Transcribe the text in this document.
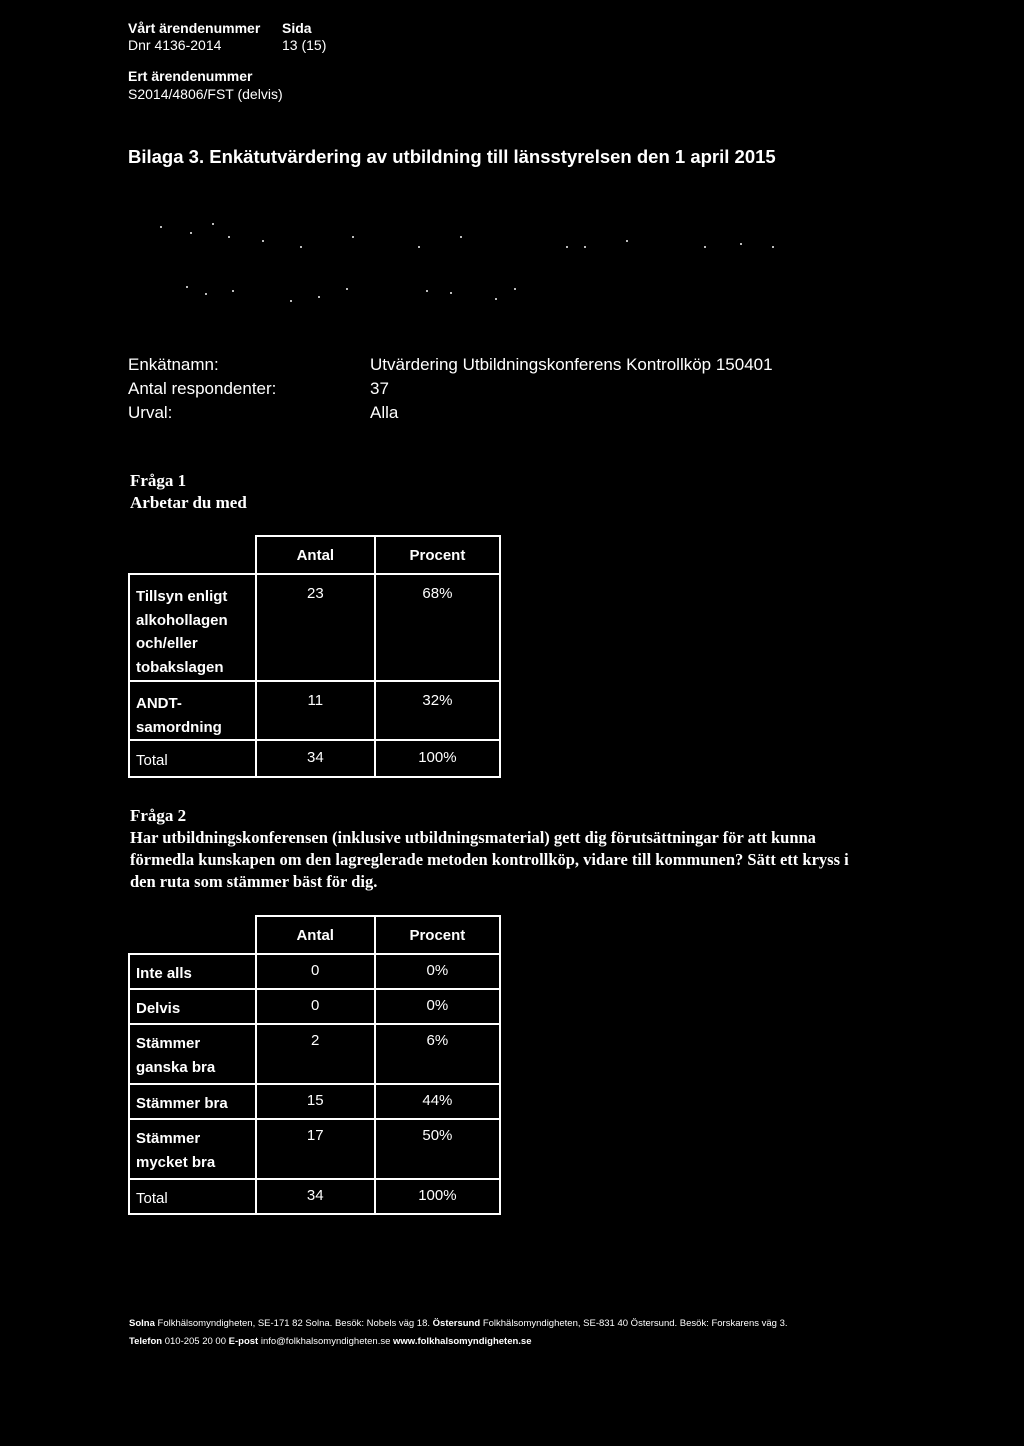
Vårt ärendenummer Sida
Dnr 4136-2014	13 (15)
Ert ärendenummer
S2014/4806/FST (delvis)
Bilaga 3. Enkätutvärdering av utbildning till länsstyrelsen den 1 april 2015
Enkätnamn:	Utvärdering Utbildningskonferens Kontrollköp 150401
Antal respondenter:	37
Urval:	Alla
Fråga 1
Arbetar du med
	Antal	Procent
Tillsyn enligt alkohollagen och/eller tobakslagen	23	68%
ANDT-samordning	11	32%
Total	34	100%
Fråga 2
Har utbildningskonferensen (inklusive utbildningsmaterial) gett dig förutsättningar för att kunna förmedla kunskapen om den lagreglerade metoden kontrollköp, vidare till kommunen? Sätt ett kryss i den ruta som stämmer bäst för dig.
	Antal	Procent
Inte alls	0	0%
Delvis	0	0%
Stämmer ganska bra	2	6%
Stämmer bra	15	44%
Stämmer mycket bra	17	50%
Total	34	100%
Solna Folkhälsomyndigheten, SE-171 82 Solna. Besök: Nobels väg 18. Östersund Folkhälsomyndigheten, SE-831 40 Östersund. Besök: Forskarens väg 3.
Telefon 010-205 20 00 E-post info@folkhalsomyndigheten.se www.folkhalsomyndigheten.se
